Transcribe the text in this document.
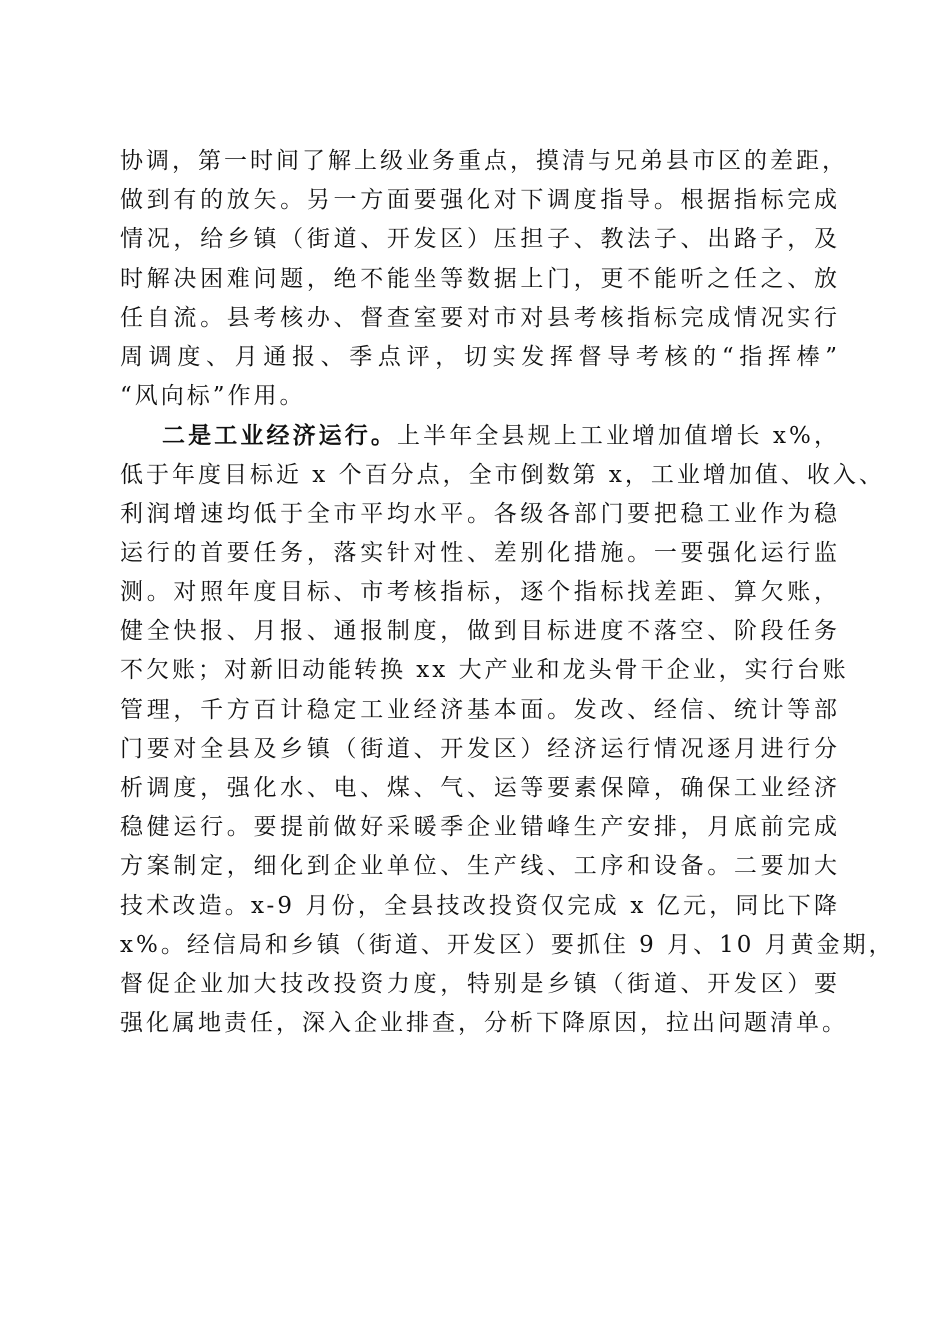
协调，第一时间了解上级业务重点，摸清与兄弟县市区的差距，
做到有的放矢。另一方面要强化对下调度指导。根据指标完成
情况，给乡镇（街道、开发区）压担子、教法子、出路子，及
时解决困难问题，绝不能坐等数据上门，更不能听之任之、放
任自流。县考核办、督查室要对市对县考核指标完成情况实行
周调度、月通报、季点评，切实发挥督导考核的“指挥棒”
“风向标”作用。
二是工业经济运行。上半年全县规上工业增加值增长 x%，
低于年度目标近 x 个百分点，全市倒数第 x，工业增加值、收入、
利润增速均低于全市平均水平。各级各部门要把稳工业作为稳
运行的首要任务，落实针对性、差别化措施。一要强化运行监
测。对照年度目标、市考核指标，逐个指标找差距、算欠账，
健全快报、月报、通报制度，做到目标进度不落空、阶段任务
不欠账；对新旧动能转换 xx 大产业和龙头骨干企业，实行台账
管理，千方百计稳定工业经济基本面。发改、经信、统计等部
门要对全县及乡镇（街道、开发区）经济运行情况逐月进行分
析调度，强化水、电、煤、气、运等要素保障，确保工业经济
稳健运行。要提前做好采暖季企业错峰生产安排，月底前完成
方案制定，细化到企业单位、生产线、工序和设备。二要加大
技术改造。x-9 月份，全县技改投资仅完成 x 亿元，同比下降
x%。经信局和乡镇（街道、开发区）要抓住 9 月、10 月黄金期，
督促企业加大技改投资力度，特别是乡镇（街道、开发区）要
强化属地责任，深入企业排查，分析下降原因，拉出问题清单。
